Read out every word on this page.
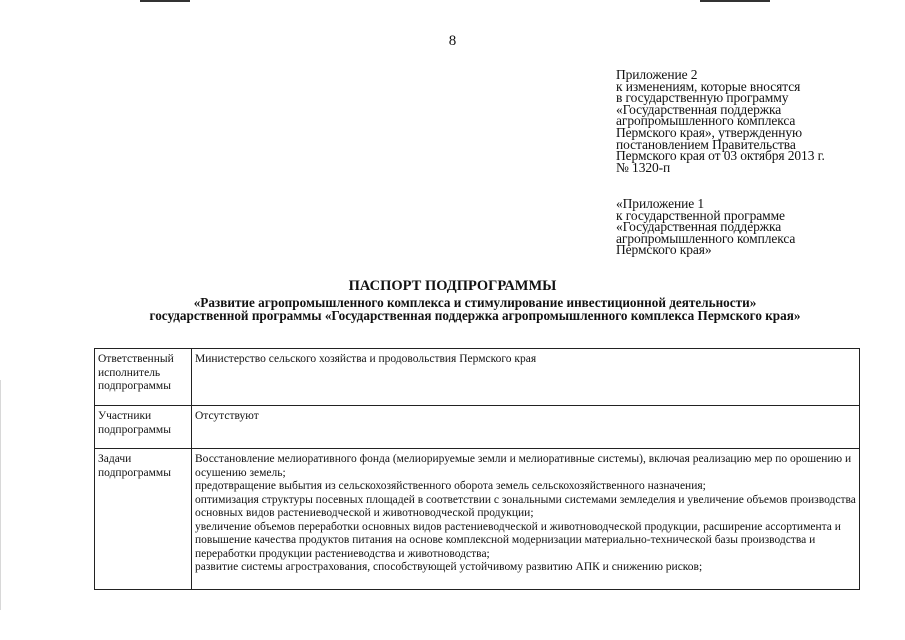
8
Приложение 2
к изменениям, которые вносятся
в государственную программу
«Государственная поддержка
агропромышленного комплекса
Пермского края», утвержденную
постановлением Правительства
Пермского края от 03 октября 2013 г.
№ 1320-п
«Приложение 1
к государственной программе
«Государственная поддержка
агропромышленного комплекса
Пермского края»
ПАСПОРТ ПОДПРОГРАММЫ
«Развитие агропромышленного комплекса и стимулирование инвестиционной деятельности»
государственной программы «Государственная поддержка агропромышленного комплекса Пермского края»
Ответственный исполнитель подпрограммы	Министерство сельского хозяйства и продовольствия Пермского края
Участники подпрограммы	Отсутствуют
Задачи подпрограммы	Восстановление мелиоративного фонда (мелиорируемые земли и мелиоративные системы), включая реализацию мер по орошению и осушению земель;
предотвращение выбытия из сельскохозяйственного оборота земель сельскохозяйственного назначения;
оптимизация структуры посевных площадей в соответствии с зональными системами земледелия и увеличение объемов производства основных видов растениеводческой и животноводческой продукции;
увеличение объемов переработки основных видов растениеводческой и животноводческой продукции, расширение ассортимента и повышение качества продуктов питания на основе комплексной модернизации материально-технической базы производства и переработки продукции растениеводства и животноводства;
развитие системы агрострахования, способствующей устойчивому развитию АПК и снижению рисков;
